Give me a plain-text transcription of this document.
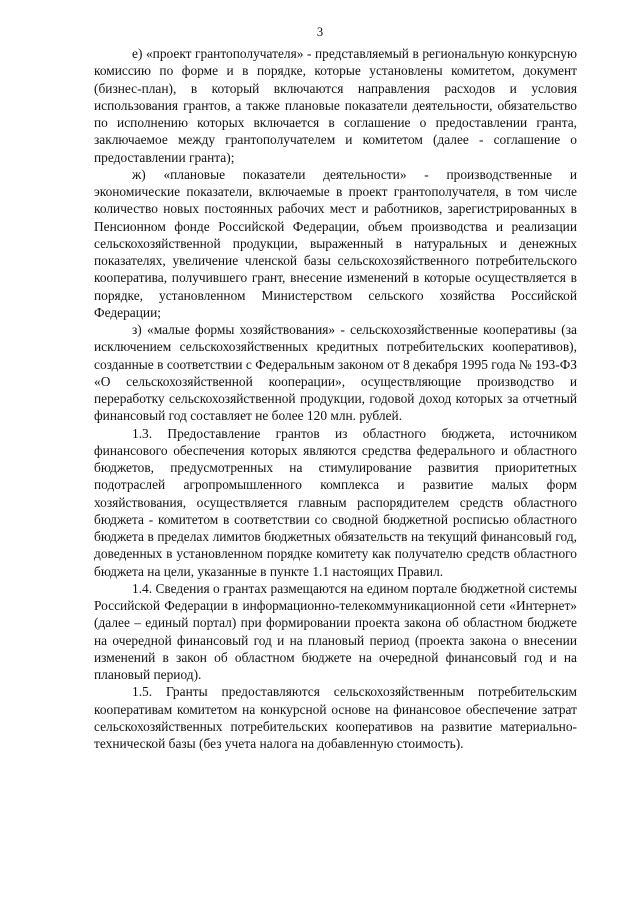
3

е) «проект грантополучателя» - представляемый в региональную конкурсную комиссию по форме и в порядке, которые установлены комитетом, документ (бизнес-план), в который включаются направления расходов и условия использования грантов, а также плановые показатели деятельности, обязательство по исполнению которых включается в соглашение о предоставлении гранта, заключаемое между грантополучателем и комитетом (далее - соглашение о предоставлении гранта);

ж) «плановые показатели деятельности» - производственные и экономические показатели, включаемые в проект грантополучателя, в том числе количество новых постоянных рабочих мест и работников, зарегистрированных в Пенсионном фонде Российской Федерации, объем производства и реализации сельскохозяйственной продукции, выраженный в натуральных и денежных показателях, увеличение членской базы сельскохозяйственного потребительского кооператива, получившего грант, внесение изменений в которые осуществляется в порядке, установленном Министерством сельского хозяйства Российской Федерации;

з) «малые формы хозяйствования» - сельскохозяйственные кооперативы (за исключением сельскохозяйственных кредитных потребительских кооперативов), созданные в соответствии с Федеральным законом от 8 декабря 1995 года № 193-ФЗ «О сельскохозяйственной кооперации», осуществляющие производство и переработку сельскохозяйственной продукции, годовой доход которых за отчетный финансовый год составляет не более 120 млн. рублей.

1.3. Предоставление грантов из областного бюджета, источником финансового обеспечения которых являются средства федерального и областного бюджетов, предусмотренных на стимулирование развития приоритетных подотраслей агропромышленного комплекса и развитие малых форм хозяйствования, осуществляется главным распорядителем средств областного бюджета - комитетом в соответствии со сводной бюджетной росписью областного бюджета в пределах лимитов бюджетных обязательств на текущий финансовый год, доведенных в установленном порядке комитету как получателю средств областного бюджета на цели, указанные в пункте 1.1 настоящих Правил.

1.4. Сведения о грантах размещаются на едином портале бюджетной системы Российской Федерации в информационно-телекоммуникационной сети «Интернет» (далее – единый портал) при формировании проекта закона об областном бюджете на очередной финансовый год и на плановый период (проекта закона о внесении изменений в закон об областном бюджете на очередной финансовый год и на плановый период).

1.5. Гранты предоставляются сельскохозяйственным потребительским кооперативам комитетом на конкурсной основе на финансовое обеспечение затрат сельскохозяйственных потребительских кооперативов на развитие материально-технической базы (без учета налога на добавленную стоимость).
